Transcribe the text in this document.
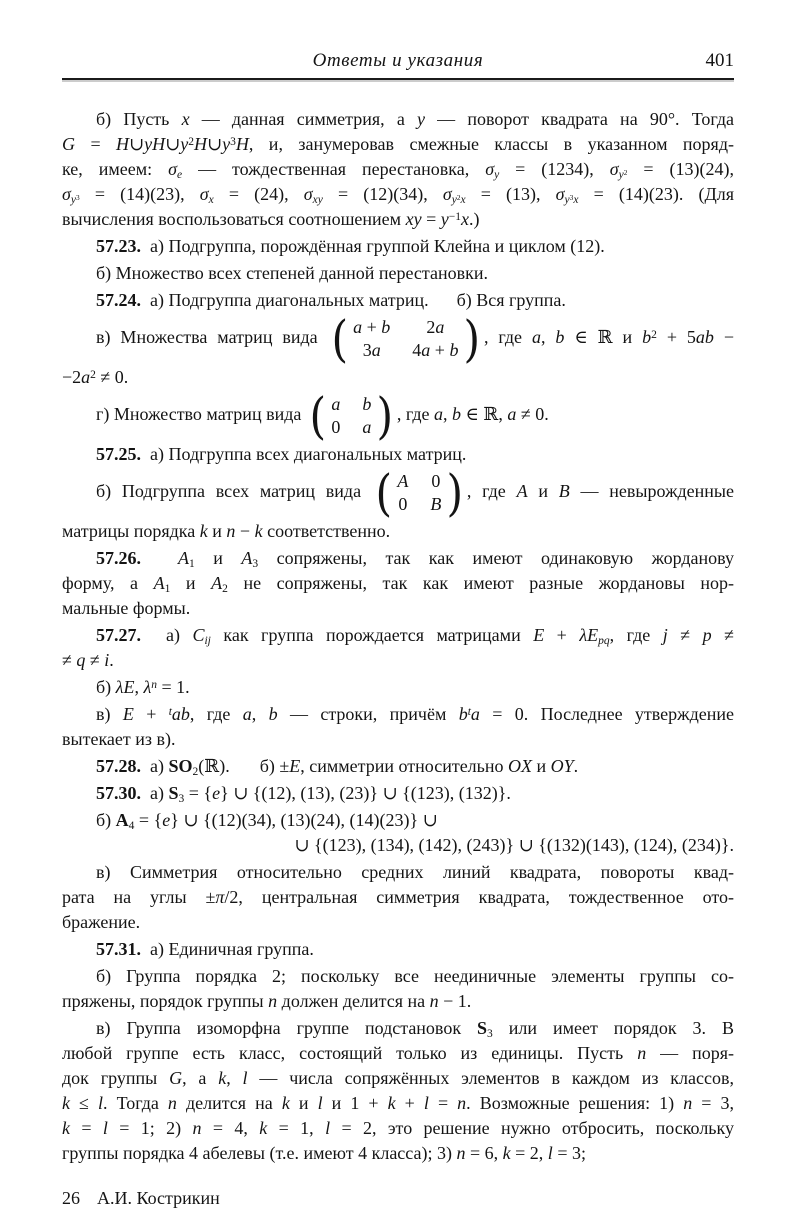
Ответы и указания	401
б) Пусть x — данная симметрия, а y — поворот квадрата на 90°. Тогда
$G = H\cup yH\cup y^2H\cup y^3H$, и, занумеровав смежные классы в указанном поряд-
ке, имеем: $\sigma_e$ — тождественная перестановка, $\sigma_y = (1234)$, $\sigma_{y^2} = (13)(24)$,
$\sigma_{y^3} = (14)(23)$, $\sigma_x = (24)$, $\sigma_{xy} = (12)(34)$, $\sigma_{y^2x} = (13)$, $\sigma_{y^3x} = (14)(23)$. (Для
вычисления воспользоваться соотношением xy = $y^{-1}x$.)
57.23.  а) Подгруппа, порождённая группой Клейна и циклом (12).
б) Множество всех степеней данной перестановки.
57.24.  а) Подгруппа диагональных матриц. б) Вся группа.
в) Множества матриц вида ( a + b 2a
3a 4a + b ) , где a, b ∈ ℝ и $b^2 + 5ab$ −
$-2a^2 \ne 0$.
г) Множество матриц вида ( a b
0 a ) , где a, b ∈ ℝ, a ≠ 0.
57.25.  а) Подгруппа всех диагональных матриц.
б) Подгруппа всех матриц вида ( A 0
0 B ) , где A и B — невырожденные
матрицы порядка k и n − k соответственно.
57.26. $A_1$ и $A_3$ сопряжены, так как имеют одинаковую жорданову
форму, а $A_1$ и $A_2$ не сопряжены, так как имеют разные жордановы нор-
мальные формы.
57.27.  а) $C_{ij}$ как группа порождается матрицами $E + \lambda E_{pq}$, где j ≠ p ≠
≠ q ≠ i.
б) λE, $\lambda^n = 1$.
в) E + $^t$ab, где a, b — строки, причём $b^ta = 0$. Последнее утверждение
вытекает из в).
57.28.  а) $SO_2(ℝ)$. б) ±E, симметрии относительно OX и OY.
57.30.  а) $S_3 = \{e\}$ ∪ {(12), (13), (23)} ∪ {(123), (132)}.
б) $A_4 = \{e\}$ ∪ {(12)(34), (13)(24), (14)(23)} ∪
∪ {(123), (134), (142), (243)} ∪ {(132)(143), (124), (234)}.
в) Симметрия относительно средних линий квадрата, повороты квад-
рата на углы ±π/2, центральная симметрия квадрата, тождественное ото-
бражение.
57.31.  а) Единичная группа.
б) Группа порядка 2; поскольку все неединичные элементы группы со-
пряжены, порядок группы n должен делится на n − 1.
в) Группа изоморфна группе подстановок $S_3$ или имеет порядок 3. В
любой группе есть класс, состоящий только из единицы. Пусть n — поря-
док группы G, а k, l — числа сопряжённых элементов в каждом из классов,
k ≤ l. Тогда n делится на k и l и 1 + k + l = n. Возможные решения: 1) n = 3,
k = l = 1; 2) n = 4, k = 1, l = 2, это решение нужно отбросить, поскольку
группы порядка 4 абелевы (т.е. имеют 4 класса); 3) n = 6, k = 2, l = 3;
26 А.И. Кострикин
